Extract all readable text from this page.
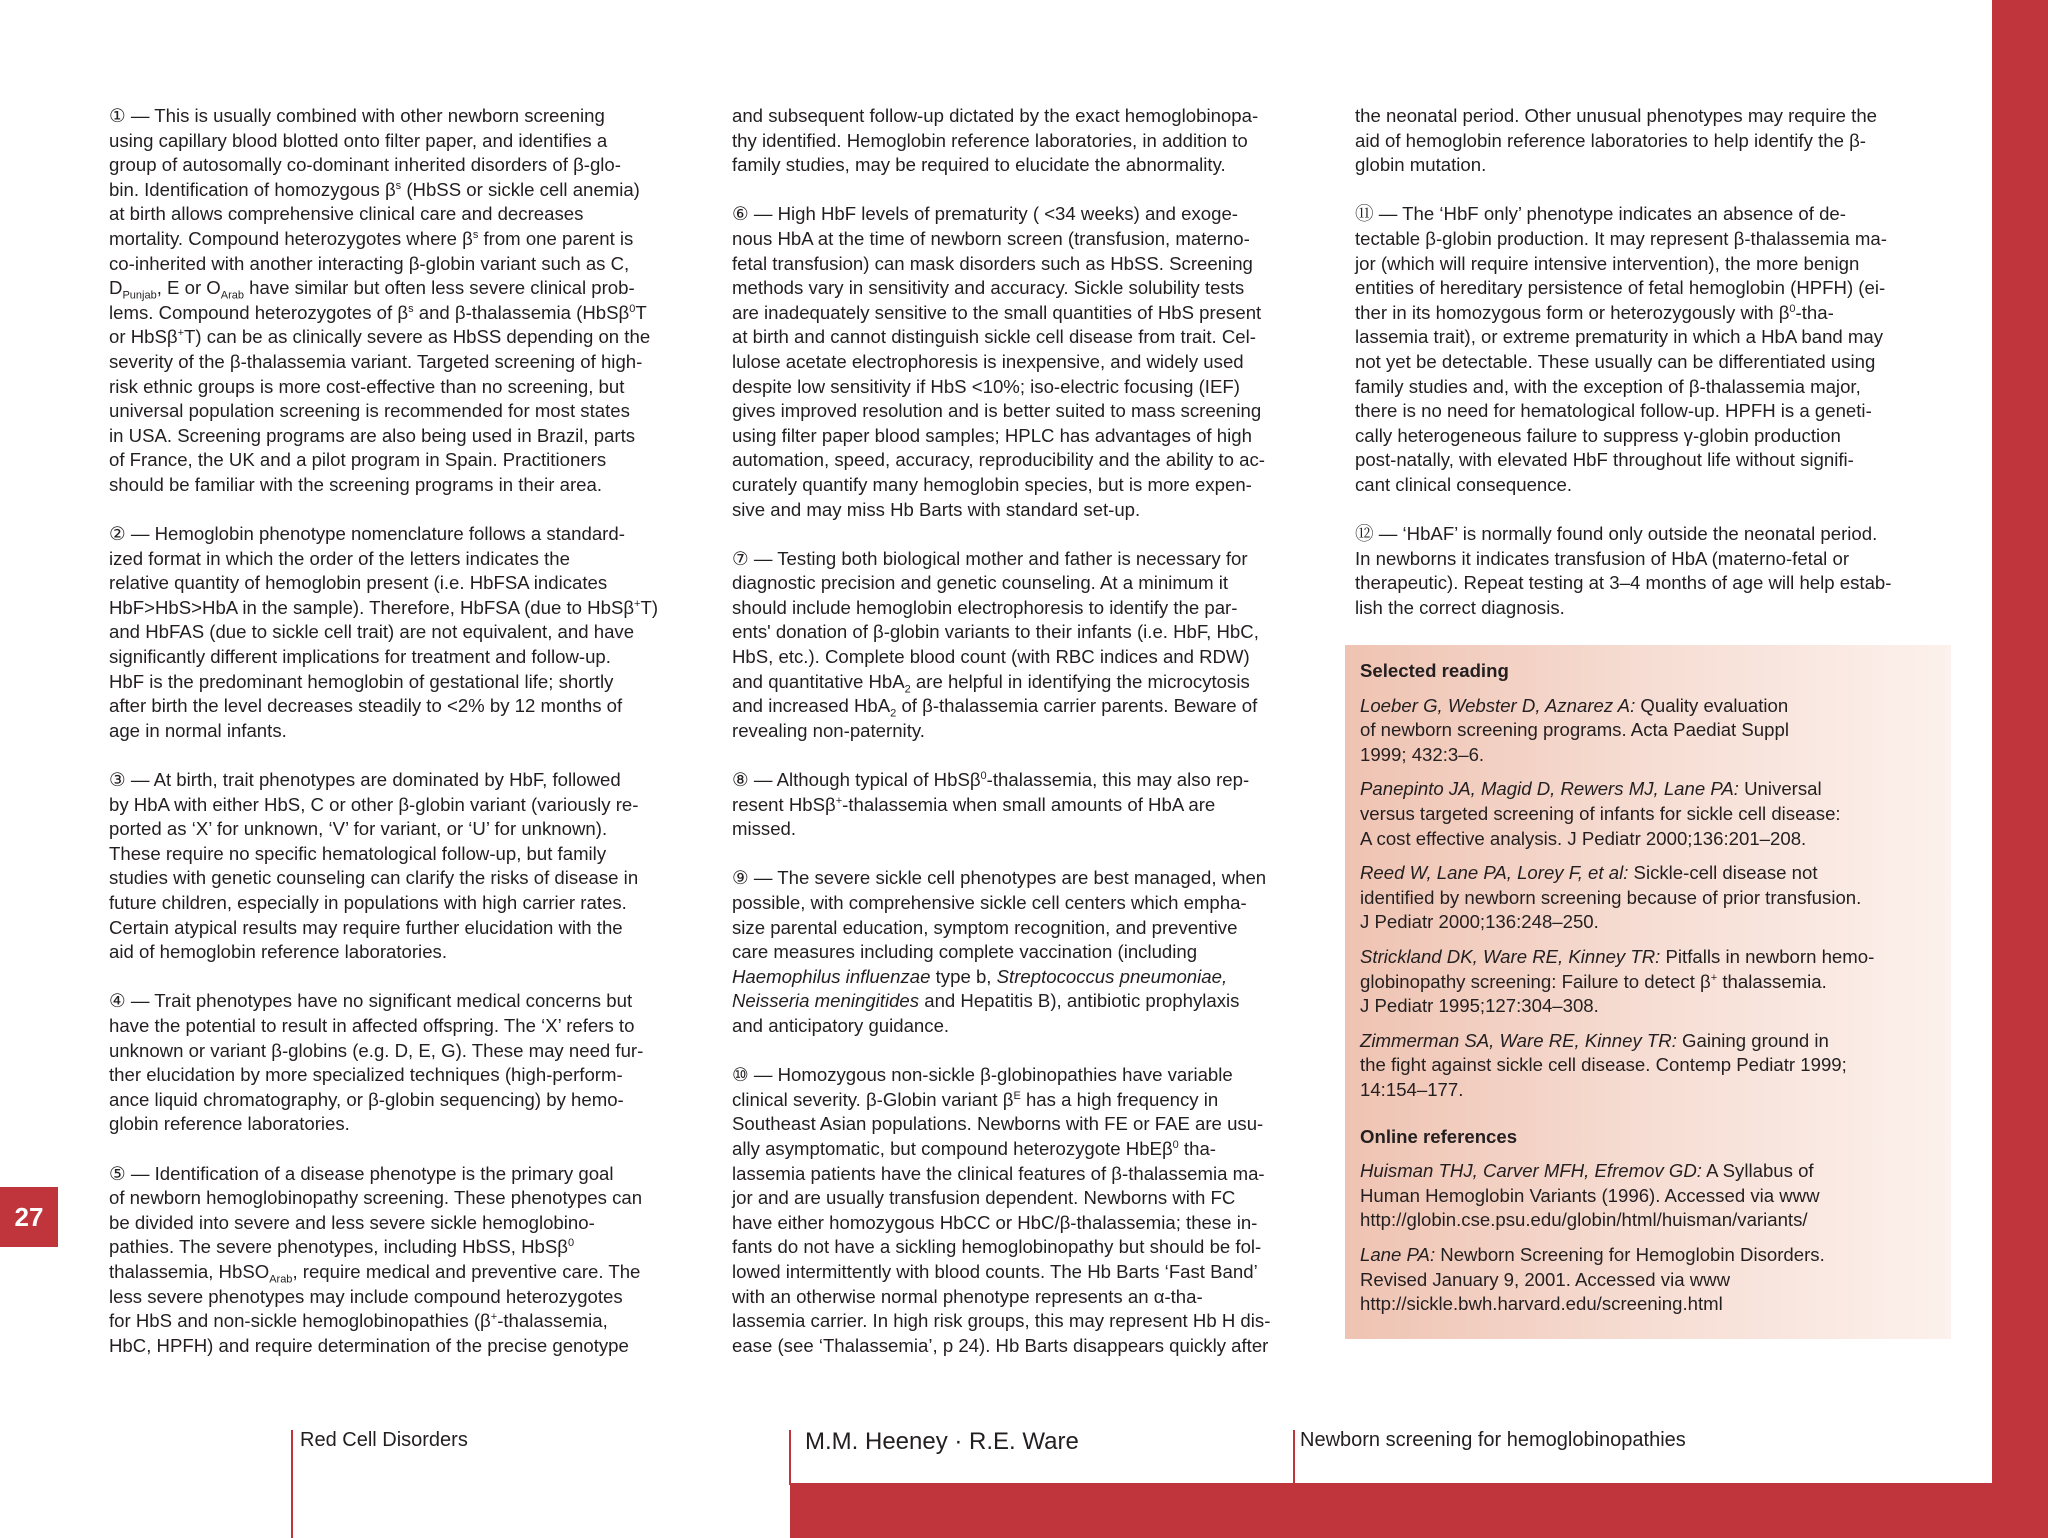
27
① — This is usually combined with other newborn screening
using capillary blood blotted onto filter paper, and identifies a
group of autosomally co-dominant inherited disorders of β-glo-
bin. Identification of homozygous $\beta^s$ (HbSS or sickle cell anemia)
at birth allows comprehensive clinical care and decreases
mortality. Compound heterozygotes where $\beta^s$ from one parent is
co-inherited with another interacting β-globin variant such as C,
$D_{Punjab}$, E or $O_{Arab}$ have similar but often less severe clinical prob-
lems. Compound heterozygotes of $\beta^s$ and β-thalassemia (HbSβ$^0$T
or HbSβ+T) can be as clinically severe as HbSS depending on the
severity of the β-thalassemia variant. Targeted screening of high-
risk ethnic groups is more cost-effective than no screening, but
universal population screening is recommended for most states
in USA. Screening programs are also being used in Brazil, parts
of France, the UK and a pilot program in Spain. Practitioners
should be familiar with the screening programs in their area.
② — Hemoglobin phenotype nomenclature follows a standard-
ized format in which the order of the letters indicates the
relative quantity of hemoglobin present (i.e. HbFSA indicates
HbF>HbS>HbA in the sample). Therefore, HbFSA (due to HbSβ+T)
and HbFAS (due to sickle cell trait) are not equivalent, and have
significantly different implications for treatment and follow-up.
HbF is the predominant hemoglobin of gestational life; shortly
after birth the level decreases steadily to <2% by 12 months of
age in normal infants.
③ — At birth, trait phenotypes are dominated by HbF, followed
by HbA with either HbS, C or other β-globin variant (variously re-
ported as ‘X’ for unknown, ‘V’ for variant, or ‘U’ for unknown).
These require no specific hematological follow-up, but family
studies with genetic counseling can clarify the risks of disease in
future children, especially in populations with high carrier rates.
Certain atypical results may require further elucidation with the
aid of hemoglobin reference laboratories.
④ — Trait phenotypes have no significant medical concerns but
have the potential to result in affected offspring. The ‘X’ refers to
unknown or variant β-globins (e.g. D, E, G). These may need fur-
ther elucidation by more specialized techniques (high-perform-
ance liquid chromatography, or β-globin sequencing) by hemo-
globin reference laboratories.
⑤ — Identification of a disease phenotype is the primary goal
of newborn hemoglobinopathy screening. These phenotypes can
be divided into severe and less severe sickle hemoglobino-
pathies. The severe phenotypes, including HbSS, HbSβ$^0$
thalassemia, HbSO$_{Arab}$, require medical and preventive care. The
less severe phenotypes may include compound heterozygotes
for HbS and non-sickle hemoglobinopathies (β+-thalassemia,
HbC, HPFH) and require determination of the precise genotype
and subsequent follow-up dictated by the exact hemoglobinopa-
thy identified. Hemoglobin reference laboratories, in addition to
family studies, may be required to elucidate the abnormality.
⑥ — High HbF levels of prematurity ( <34 weeks) and exoge-
nous HbA at the time of newborn screen (transfusion, materno-
fetal transfusion) can mask disorders such as HbSS. Screening
methods vary in sensitivity and accuracy. Sickle solubility tests
are inadequately sensitive to the small quantities of HbS present
at birth and cannot distinguish sickle cell disease from trait. Cel-
lulose acetate electrophoresis is inexpensive, and widely used
despite low sensitivity if HbS <10%; iso-electric focusing (IEF)
gives improved resolution and is better suited to mass screening
using filter paper blood samples; HPLC has advantages of high
automation, speed, accuracy, reproducibility and the ability to ac-
curately quantify many hemoglobin species, but is more expen-
sive and may miss Hb Barts with standard set-up.
⑦ — Testing both biological mother and father is necessary for
diagnostic precision and genetic counseling. At a minimum it
should include hemoglobin electrophoresis to identify the par-
ents' donation of β-globin variants to their infants (i.e. HbF, HbC,
HbS, etc.). Complete blood count (with RBC indices and RDW)
and quantitative HbA$_2$ are helpful in identifying the microcytosis
and increased HbA$_2$ of β-thalassemia carrier parents. Beware of
revealing non-paternity.
⑧ — Although typical of HbSβ$^0$-thalassemia, this may also rep-
resent HbSβ+-thalassemia when small amounts of HbA are
missed.
⑨ — The severe sickle cell phenotypes are best managed, when
possible, with comprehensive sickle cell centers which empha-
size parental education, symptom recognition, and preventive
care measures including complete vaccination (including
Haemophilus influenzae type b, Streptococcus pneumoniae,
Neisseria meningitides and Hepatitis B), antibiotic prophylaxis
and anticipatory guidance.
⑩ — Homozygous non-sickle β-globinopathies have variable
clinical severity. β-Globin variant $\beta^E$ has a high frequency in
Southeast Asian populations. Newborns with FE or FAE are usu-
ally asymptomatic, but compound heterozygote HbEβ$^0$ tha-
lassemia patients have the clinical features of β-thalassemia ma-
jor and are usually transfusion dependent. Newborns with FC
have either homozygous HbCC or HbC/β-thalassemia; these in-
fants do not have a sickling hemoglobinopathy but should be fol-
lowed intermittently with blood counts. The Hb Barts ‘Fast Band’
with an otherwise normal phenotype represents an α-tha-
lassemia carrier. In high risk groups, this may represent Hb H dis-
ease (see ‘Thalassemia’, p 24). Hb Barts disappears quickly after
the neonatal period. Other unusual phenotypes may require the
aid of hemoglobin reference laboratories to help identify the β-
globin mutation.
⑪ — The ‘HbF only’ phenotype indicates an absence of de-
tectable β-globin production. It may represent β-thalassemia ma-
jor (which will require intensive intervention), the more benign
entities of hereditary persistence of fetal hemoglobin (HPFH) (ei-
ther in its homozygous form or heterozygously with $\beta^0-tha-$
lassemia trait), or extreme prematurity in which a HbA band may
not yet be detectable. These usually can be differentiated using
family studies and, with the exception of β-thalassemia major,
there is no need for hematological follow-up. HPFH is a geneti-
cally heterogeneous failure to suppress γ-globin production
post-natally, with elevated HbF throughout life without signifi-
cant clinical consequence.
⑫ — ‘HbAF’ is normally found only outside the neonatal period.
In newborns it indicates transfusion of HbA (materno-fetal or
therapeutic). Repeat testing at 3–4 months of age will help estab-
lish the correct diagnosis.
Selected reading
Loeber G, Webster D, Aznarez A: Quality evaluation
of newborn screening programs. Acta Paediat Suppl
1999; 432:3–6.
Panepinto JA, Magid D, Rewers MJ, Lane PA: Universal
versus targeted screening of infants for sickle cell disease:
A cost effective analysis. J Pediatr 2000;136:201–208.
Reed W, Lane PA, Lorey F, et al: Sickle-cell disease not
identified by newborn screening because of prior transfusion.
J Pediatr 2000;136:248–250.
Strickland DK, Ware RE, Kinney TR: Pitfalls in newborn hemo-
globinopathy screening: Failure to detect β+ thalassemia.
J Pediatr 1995;127:304–308.
Zimmerman SA, Ware RE, Kinney TR: Gaining ground in
the fight against sickle cell disease. Contemp Pediatr 1999;
14:154–177.
Online references
Huisman THJ, Carver MFH, Efremov GD: A Syllabus of
Human Hemoglobin Variants (1996). Accessed via www
http://globin.cse.psu.edu/globin/html/huisman/variants/
Lane PA: Newborn Screening for Hemoglobin Disorders.
Revised January 9, 2001. Accessed via www
http://sickle.bwh.harvard.edu/screening.html
Red Cell Disorders	M.M. Heeney · R.E. Ware	Newborn screening for hemoglobinopathies
